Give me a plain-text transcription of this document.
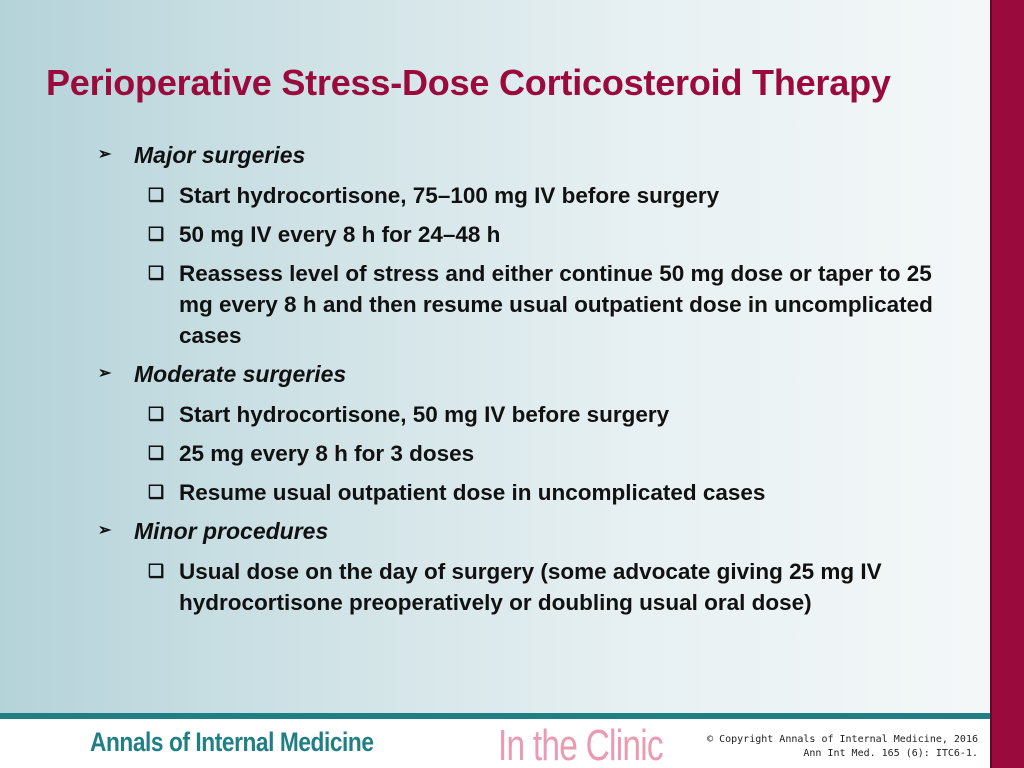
Perioperative Stress-Dose Corticosteroid Therapy
➢ Major surgeries
❑ Start hydrocortisone, 75–100 mg IV before surgery
❑ 50 mg IV every 8 h for 24–48 h
❑ Reassess level of stress and either continue 50 mg dose or taper to 25 mg every 8 h and then resume usual outpatient dose in uncomplicated cases
➢ Moderate surgeries
❑ Start hydrocortisone, 50 mg IV before surgery
❑ 25 mg every 8 h for 3 doses
❑ Resume usual outpatient dose in uncomplicated cases
➢ Minor procedures
❑ Usual dose on the day of surgery (some advocate giving 25 mg IV hydrocortisone preoperatively or doubling usual oral dose)
Annals of Internal Medicine	In the Clinic	© Copyright Annals of Internal Medicine, 2016
Ann Int Med. 165 (6): ITC6-1.
